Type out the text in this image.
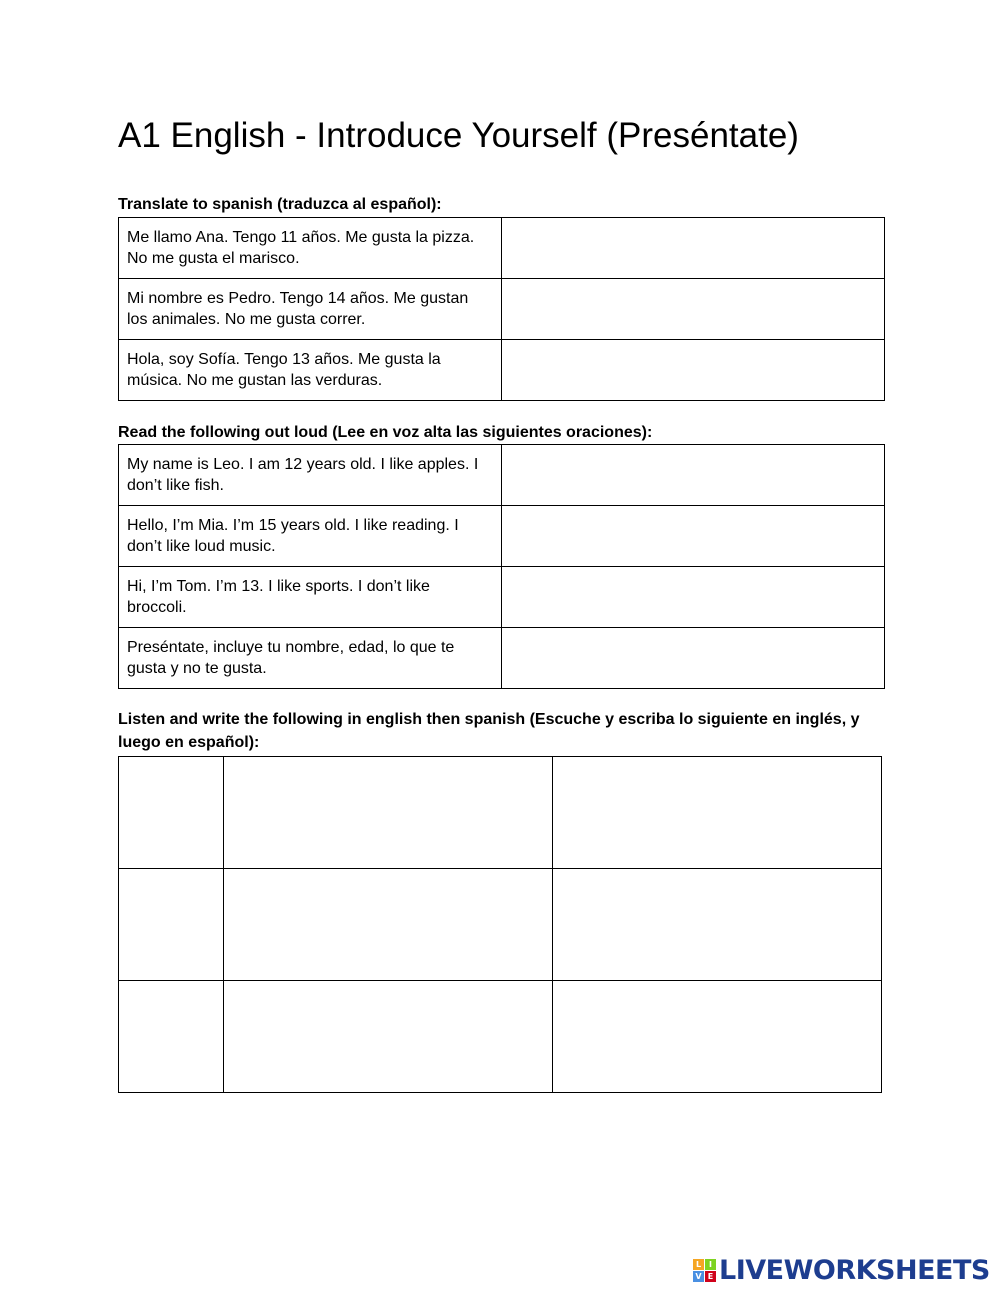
A1 English - Introduce Yourself (Preséntate)

Translate to spanish (traduzca al español):

Me llamo Ana. Tengo 11 años. Me gusta la pizza. No me gusta el marisco.	
Mi nombre es Pedro. Tengo 14 años. Me gustan los animales. No me gusta correr.	
Hola, soy Sofía. Tengo 13 años. Me gusta la música. No me gustan las verduras.	

Read the following out loud (Lee en voz alta las siguientes oraciones):

My name is Leo. I am 12 years old. I like apples. I don’t like fish.	
Hello, I’m Mia. I’m 15 years old. I like reading. I don’t like loud music.	
Hi, I’m Tom. I’m 13. I like sports. I don’t like broccoli.	
Preséntate, incluye tu nombre, edad, lo que te gusta y no te gusta.	

Listen and write the following in english then spanish (Escuche y escriba lo siguiente en inglés, y luego en español):

L I
V E LIVEWORKSHEETS
